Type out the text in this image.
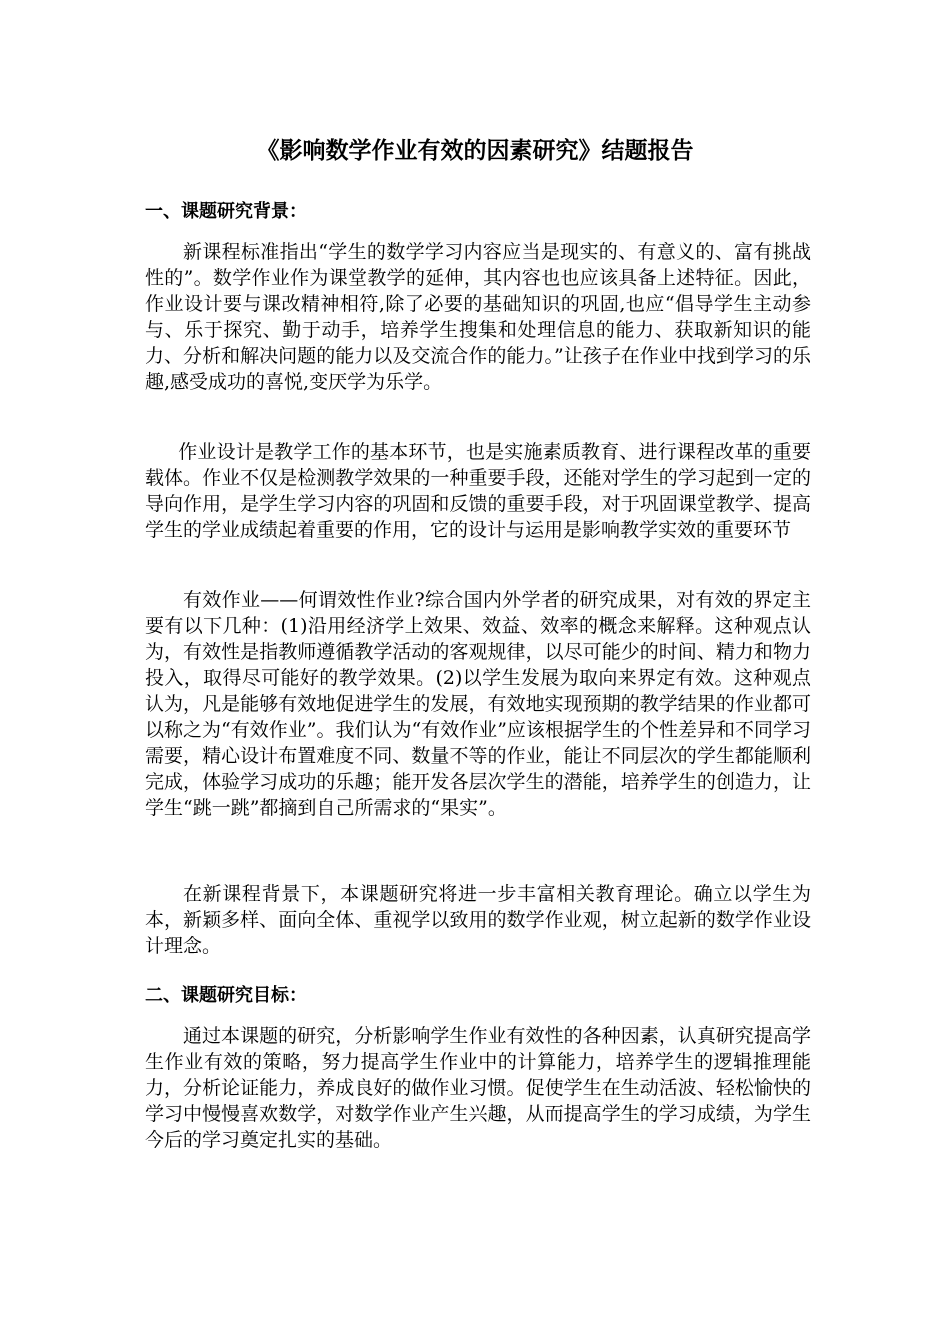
《影响数学作业有效的因素研究》结题报告
一、课题研究背景：

新课程标准指出“学生的数学学习内容应当是现实的、有意义的、富有挑战性的”。数学作业作为课堂教学的延伸，其内容也也应该具备上述特征。因此，作业设计要与课改精神相符,除了必要的基础知识的巩固,也应“倡导学生主动参与、乐于探究、勤于动手，培养学生搜集和处理信息的能力、获取新知识的能力、分析和解决问题的能力以及交流合作的能力。”让孩子在作业中找到学习的乐趣,感受成功的喜悦,变厌学为乐学。

作业设计是教学工作的基本环节，也是实施素质教育、进行课程改革的重要载体。作业不仅是检测教学效果的一种重要手段，还能对学生的学习起到一定的导向作用，是学生学习内容的巩固和反馈的重要手段，对于巩固课堂教学、提高学生的学业成绩起着重要的作用，它的设计与运用是影响教学实效的重要环节

有效作业——何谓效性作业?综合国内外学者的研究成果，对有效的界定主要有以下几种：(1)沿用经济学上效果、效益、效率的概念来解释。这种观点认为，有效性是指教师遵循教学活动的客观规律，以尽可能少的时间、精力和物力投入，取得尽可能好的教学效果。(2)以学生发展为取向来界定有效。这种观点认为，凡是能够有效地促进学生的发展，有效地实现预期的教学结果的作业都可以称之为“有效作业”。我们认为“有效作业”应该根据学生的个性差异和不同学习需要，精心设计布置难度不同、数量不等的作业，能让不同层次的学生都能顺利完成，体验学习成功的乐趣；能开发各层次学生的潜能，培养学生的创造力，让学生“跳一跳”都摘到自己所需求的“果实”。

在新课程背景下，本课题研究将进一步丰富相关教育理论。确立以学生为本，新颖多样、面向全体、重视学以致用的数学作业观，树立起新的数学作业设计理念。

二、课题研究目标：

通过本课题的研究，分析影响学生作业有效性的各种因素，认真研究提高学生作业有效的策略，努力提高学生作业中的计算能力，培养学生的逻辑推理能力，分析论证能力，养成良好的做作业习惯。促使学生在生动活波、轻松愉快的学习中慢慢喜欢数学，对数学作业产生兴趣，从而提高学生的学习成绩，为学生今后的学习奠定扎实的基础。
